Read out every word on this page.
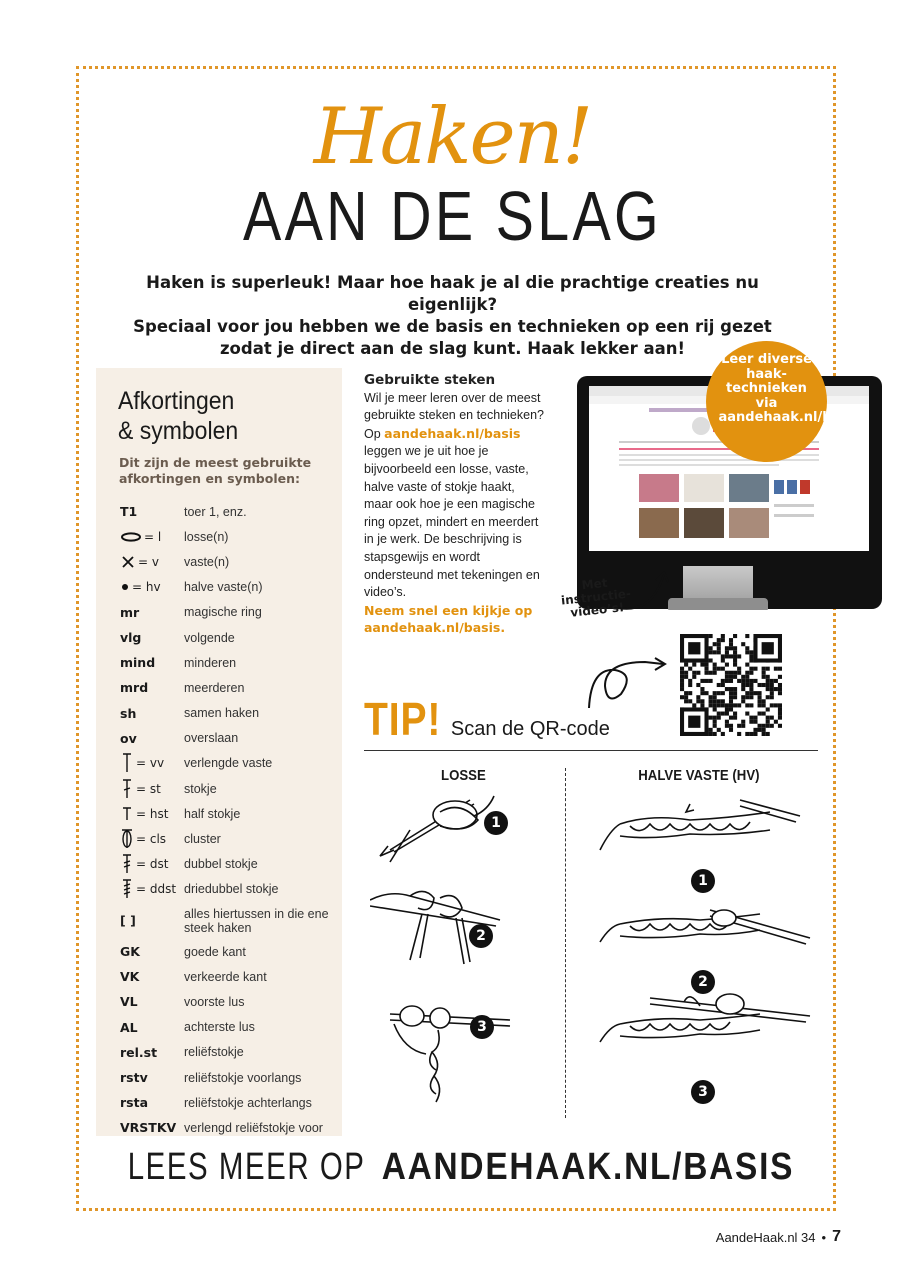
Haken!
AAN DE SLAG

Haken is superleuk! Maar hoe haak je al die prachtige creaties nu eigenlijk?

Speciaal voor jou hebben we de basis en technieken op een rij gezet

zodat je direct aan de slag kunt. Haak lekker aan!

Afkortingen
& symbolen
Dit zijn de meest gebruikte afkortingen en symbolen:
T1	toer 1, enz.
= l losse(n)
= v vaste(n)
= hv halve vaste(n)
mr	magische ring
vlg	volgende
mind minderen
mrd	meerderen
sh	samen haken
ov	overslaan
= vv verlengde vaste
= st stokje
= hst half stokje
= cls cluster
= dst dubbel stokje
= ddst driedubbel stokje
[ ]	alles hiertussen in die ene steek haken
GK	goede kant
VK	verkeerde kant
VL	voorste lus
AL	achterste lus
rel.st reliëfstokje
rstv	reliëfstokje voorlangs
rsta	reliëfstokje achterlangs
VRSTKV verlengd reliëfstokje voor
Gebruikte steken
Wil je meer leren over de meest gebruikte steken en technieken? Op aandehaak.nl/basis leggen we je uit hoe je bijvoorbeeld een losse, vaste, halve vaste of stokje haakt, maar ook hoe je een magische ring opzet, mindert en meerdert in je werk. De beschrijving is stapsgewijs en wordt ondersteund met tekeningen en video’s.
Neem snel een kijkje op aandehaak.nl/basis.
Leer diverse haak-technieken via aandehaak.nl/basis
Met instructie-video’s!
TIP! Scan de QR-code
LOSSE	HALVE VASTE (HV)
1
2
3
1
2
3
LEES MEER OPAANDEHAAK.NL/BASIS
AandeHaak.nl 34 • 7
